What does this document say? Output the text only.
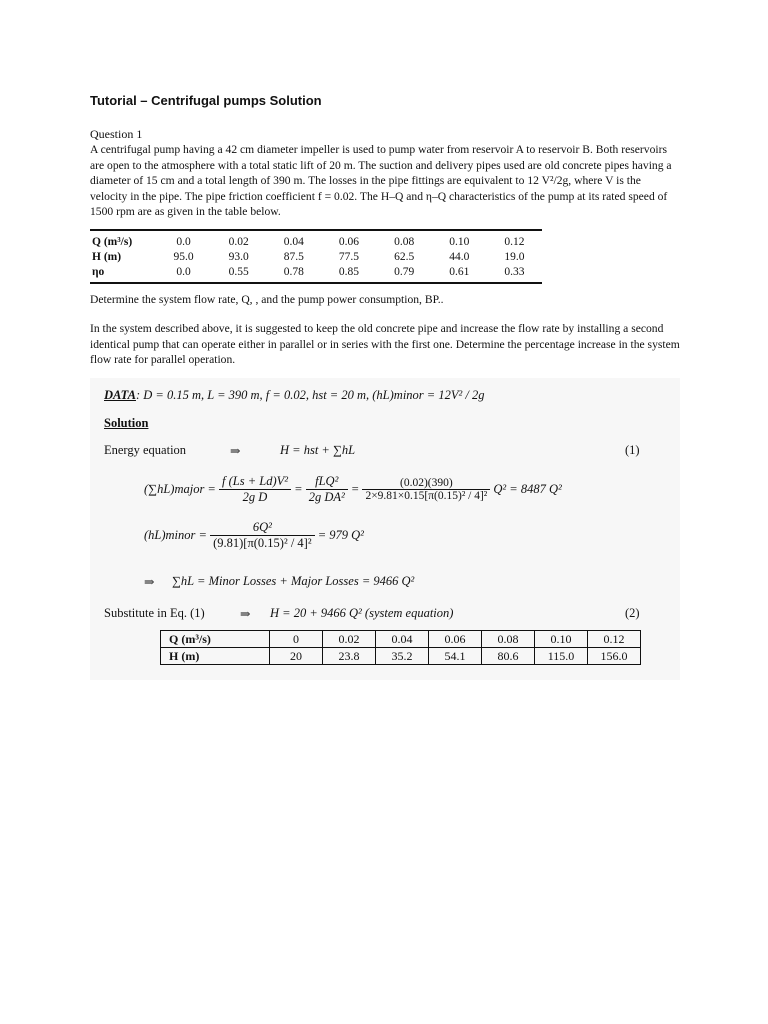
Tutorial – Centrifugal pumps Solution
Question 1
A centrifugal pump having a 42 cm diameter impeller is used to pump water from reservoir A to reservoir B. Both reservoirs are open to the atmosphere with a total static lift of 20 m. The suction and delivery pipes used are old concrete pipes having a diameter of 15 cm and a total length of 390 m. The losses in the pipe fittings are equivalent to 12 V²/2g, where V is the velocity in the pipe. The pipe friction coefficient f = 0.02. The H–Q and η–Q characteristics of the pump at its rated speed of 1500 rpm are as given in the table below.
Q (m³/s)	0.0	0.02	0.04	0.06	0.08	0.10	0.12
H (m)	95.0	93.0	87.5	77.5	62.5	44.0	19.0
ηo	0.0	0.55	0.78	0.85	0.79	0.61	0.33
Determine the system flow rate, Q, , and the pump power consumption, BP..
In the system described above, it is suggested to keep the old concrete pipe and increase the flow rate by installing a second identical pump that can operate either in parallel or in series with the first one. Determine the percentage increase in the system flow rate for parallel operation.
DATA: D = 0.15 m, L = 390 m, f = 0.02, hst = 20 m, (hL)minor = 12V² / 2g
Solution
Energy equation	⇒	H = hst + ∑hL	(1)
(∑hL)major = $\frac{\text{f (Ls + Ld)V²}}{\text{2g D}} = \frac{\text{fLQ²}}{\text{2g DA²}} = \frac{(0.02)(390)}{\text{2×9.81×0.15[π(0.15)² / 4]²}} Q^2 = 8487$ Q²
(hL)minor = $\frac{\text{6Q²}}{\text{(9.81)[π(0.15)² / 4]²}} = 979$ Q²
⇒ ∑hL = Minor Losses + Major Losses = 9466 Q²
Substitute in Eq. (1)	⇒ H = 20 + 9466 Q² (system equation)	(2)
Q (m³/s)	0	0.02	0.04	0.06	0.08	0.10	0.12
H (m)	20	23.8	35.2	54.1	80.6	115.0	156.0
